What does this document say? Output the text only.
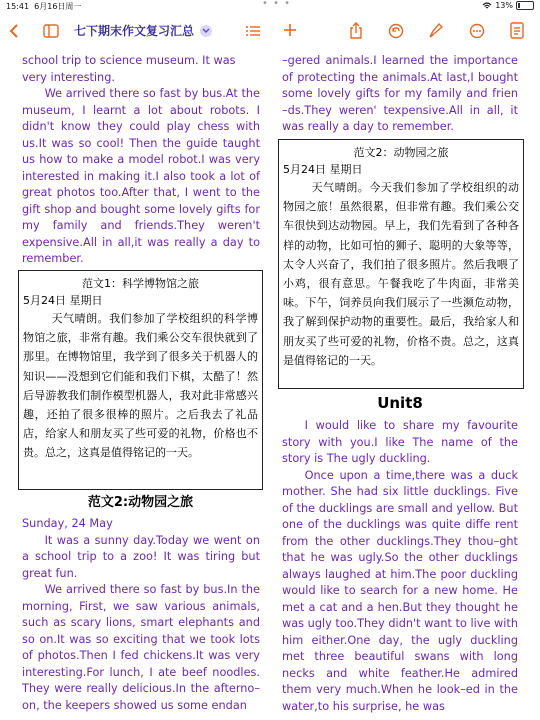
15:41 6月16日周一	• • •	13%
七下期末作文复习汇总

school trip to science museum. It was

very interesting.

We arrived there so fast by bus.At the museum, I learnt a lot about robots. I didn't know they could play chess with us.It was so cool! Then the guide taught us how to make a model robot.I was very interested in making it.I also took a lot of great photos too.After that, I went to the gift shop and bought some lovely gifts for my family and friends.They weren't expensive.All in all,it was really a day to remember.

范文1：科学博物馆之旅
5月24日 星期日
天气晴朗。我们参加了学校组织的科学博物馆之旅，非常有趣。我们乘公交车很快就到了那里。在博物馆里，我学到了很多关于机器人的知识——没想到它们能和我们下棋，太酷了！然后导游教我们制作模型机器人，我对此非常感兴趣，还拍了很多很棒的照片。之后我去了礼品店，给家人和朋友买了些可爱的礼物，价格也不贵。总之，这真是值得铭记的一天。
范文2:动物园之旅

Sunday, 24 May

It was a sunny day.Today we went on a school trip to a zoo! It was tiring but great fun.

We arrived there so fast by bus.In the morning, First, we saw various animals, such as scary lions, smart elephants and so on.It was so exciting that we took lots of photos.Then I fed chickens.It was very interesting.For lunch, I ate beef noodles. They were really delicious.In the afterno–on, the keepers showed us some endan

–gered animals.I learned the importance of protecting the animals.At last,I bought some lovely gifts for my family and frien –ds.They weren' texpensive.All in all, it was really a day to remember.

范文2：动物园之旅
5月24日 星期日
天气晴朗。今天我们参加了学校组织的动物园之旅！虽然很累，但非常有趣。我们乘公交车很快到达动物园。早上，我们先看到了各种各样的动物，比如可怕的狮子、聪明的大象等等，太令人兴奋了，我们拍了很多照片。然后我喂了小鸡，很有意思。午餐我吃了牛肉面，非常美味。下午，饲养员向我们展示了一些濒危动物，我了解到保护动物的重要性。最后，我给家人和朋友买了些可爱的礼物，价格不贵。总之，这真是值得铭记的一天。
Unit8

I would like to share my favourite story with you.I like The name of the story is The ugly duckling.

Once upon a time,there was a duck mother. She had six little ducklings. Five of the ducklings are small and yellow. But one of the ducklings was quite diffe rent from the other ducklings.They thou–ght that he was ugly.So the other ducklings always laughed at him.The poor duckling would like to search for a new home. He met a cat and a hen.But they thought he was ugly too.They didn't want to live with him either.One day, the ugly duckling met three beautiful swans with long necks and white feather.He admired them very much.When he look–ed in the water,to his surprise, he was
